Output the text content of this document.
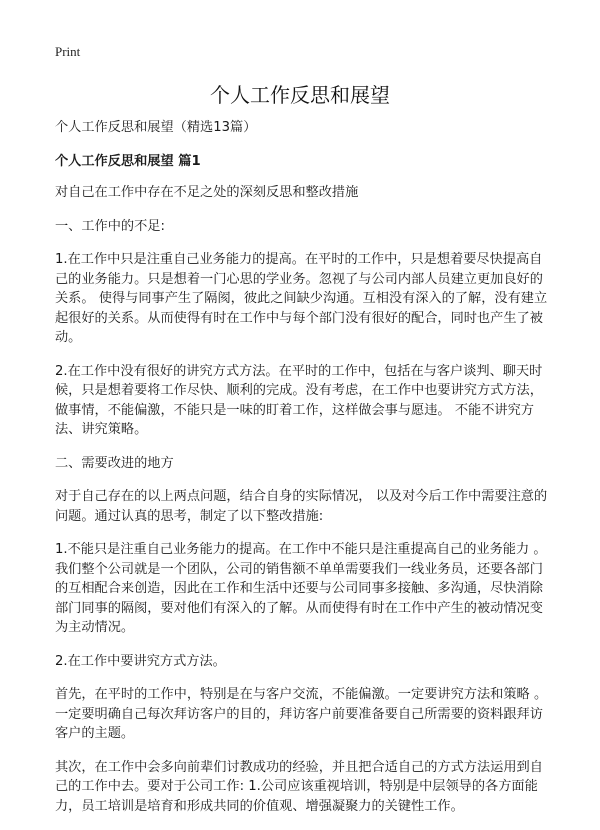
Print
个人工作反思和展望

个人工作反思和展望（精选13篇）

个人工作反思和展望 篇1

对自己在工作中存在不足之处的深刻反思和整改措施

一、工作中的不足:

1.在工作中只是注重自己业务能力的提高。在平时的工作中，只是想着要尽快提高自己的业务能力。只是想着一门心思的学业务。忽视了与公司内部人员建立更加良好的关系。 使得与同事产生了隔阂，彼此之间缺少沟通。互相没有深入的了解，没有建立起很好的关系。从而使得有时在工作中与每个部门没有很好的配合，同时也产生了被动。

2.在工作中没有很好的讲究方式方法。在平时的工作中，包括在与客户谈判、聊天时候，只是想着要将工作尽快、顺利的完成。没有考虑，在工作中也要讲究方式方法，做事情，不能偏激，不能只是一味的盯着工作，这样做会事与愿违。 不能不讲究方法、讲究策略。

二、需要改进的地方

对于自己存在的以上两点问题，结合自身的实际情况， 以及对今后工作中需要注意的问题。通过认真的思考，制定了以下整改措施:

1.不能只是注重自己业务能力的提高。在工作中不能只是注重提高自己的业务能力 。我们整个公司就是一个团队，公司的销售额不单单需要我们一线业务员，还要各部门的互相配合来创造，因此在工作和生活中还要与公司同事多接触、多沟通，尽快消除部门同事的隔阂，要对他们有深入的了解。从而使得有时在工作中产生的被动情况变为主动情况。

2.在工作中要讲究方式方法。

首先，在平时的工作中，特别是在与客户交流，不能偏激。一定要讲究方法和策略 。一定要明确自己每次拜访客户的目的，拜访客户前要准备要自己所需要的资料跟拜访客户的主题。

其次，在工作中会多向前辈们讨教成功的经验，并且把合适自己的方式方法运用到自己的工作中去。要对于公司工作: 1.公司应该重视培训，特别是中层领导的各方面能力，员工培训是培育和形成共同的价值观、增强凝聚力的关键性工作。
